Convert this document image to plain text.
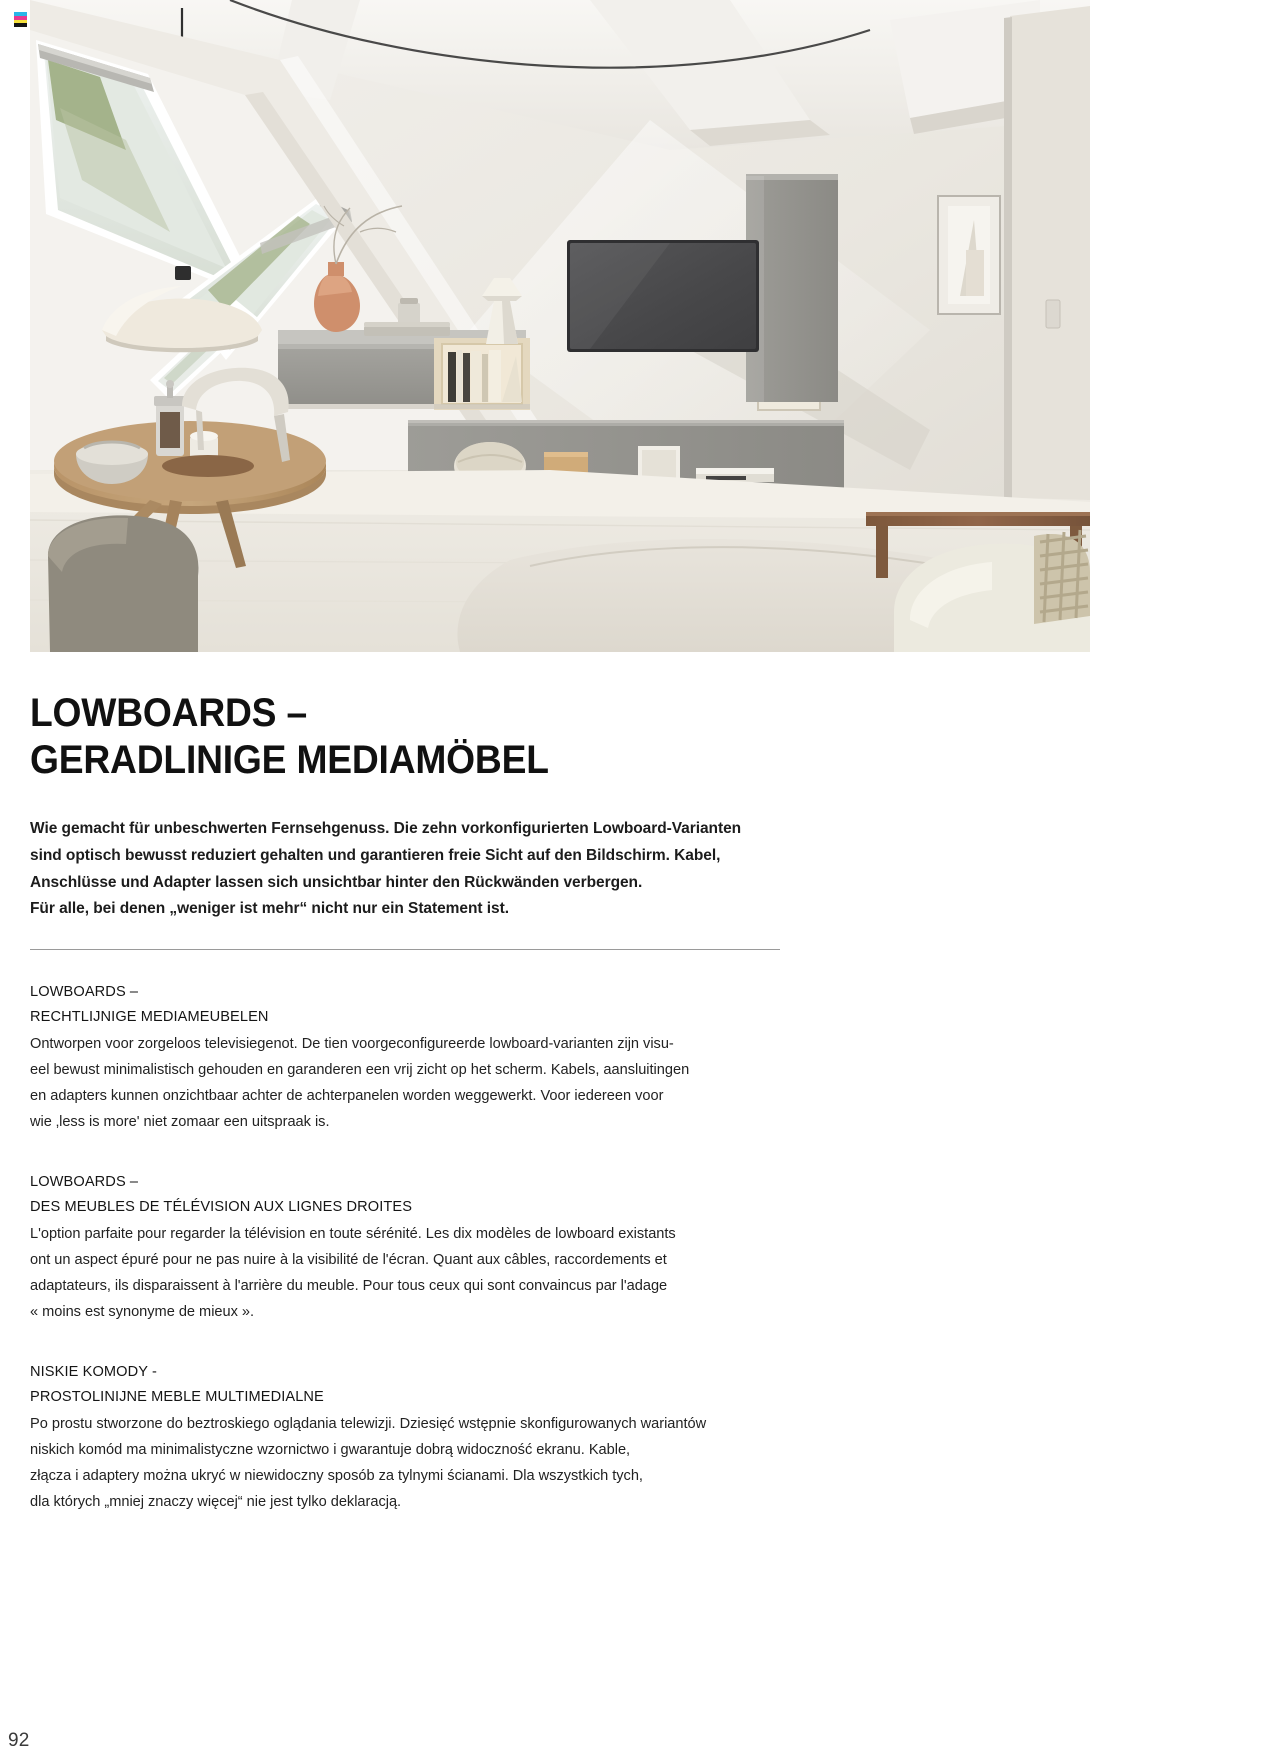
LOWBOARDS –
GERADLINIGE MEDIAMÖBEL
Wie gemacht für unbeschwerten Fernsehgenuss. Die zehn vorkonfigurierten Lowboard-Varianten
sind optisch bewusst reduziert gehalten und garantieren freie Sicht auf den Bildschirm. Kabel,
Anschlüsse und Adapter lassen sich unsichtbar hinter den Rückwänden verbergen.
Für alle, bei denen „weniger ist mehr“ nicht nur ein Statement ist.
LOWBOARDS –
RECHTLIJNIGE MEDIAMEUBELEN
Ontworpen voor zorgeloos televisiegenot. De tien voorgeconfigureerde lowboard-varianten zijn visu-
eel bewust minimalistisch gehouden en garanderen een vrij zicht op het scherm. Kabels, aansluitingen
en adapters kunnen onzichtbaar achter de achterpanelen worden weggewerkt. Voor iedereen voor
wie ‚less is more' niet zomaar een uitspraak is.
LOWBOARDS –
DES MEUBLES DE TÉLÉVISION AUX LIGNES DROITES
L'option parfaite pour regarder la télévision en toute sérénité. Les dix modèles de lowboard existants
ont un aspect épuré pour ne pas nuire à la visibilité de l'écran. Quant aux câbles, raccordements et
adaptateurs, ils disparaissent à l'arrière du meuble. Pour tous ceux qui sont convaincus par l'adage
« moins est synonyme de mieux ».
NISKIE KOMODY -
PROSTOLINIJNE MEBLE MULTIMEDIALNE
Po prostu stworzone do beztroskiego oglądania telewizji. Dziesięć wstępnie skonfigurowanych wariantów
niskich komód ma minimalistyczne wzornictwo i gwarantuje dobrą widoczność ekranu. Kable,
złącza i adaptery można ukryć w niewidoczny sposób za tylnymi ścianami. Dla wszystkich tych,
dla których „mniej znaczy więcej“ nie jest tylko deklaracją.
92
